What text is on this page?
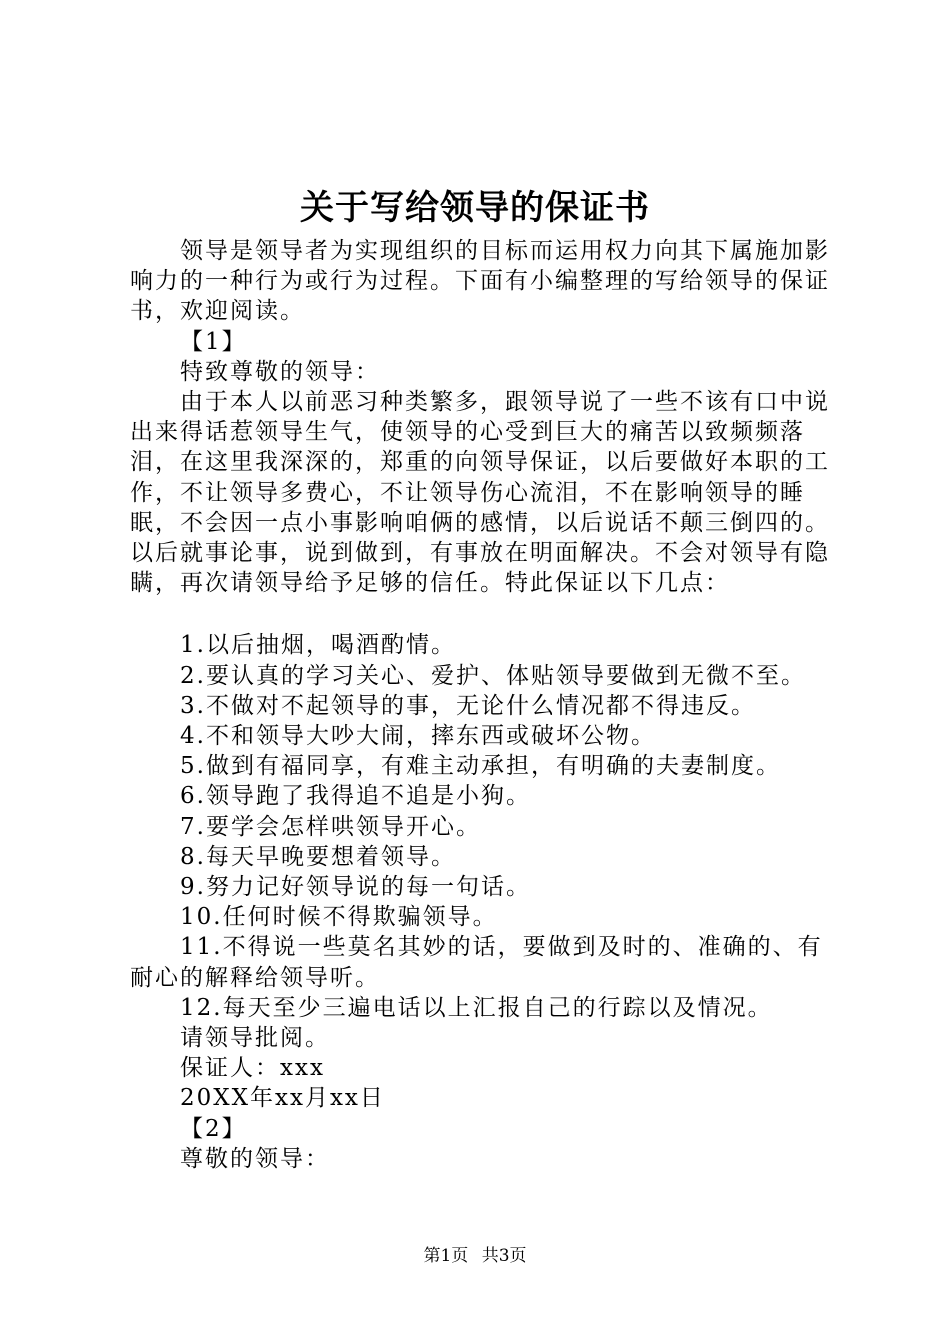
关于写给领导的保证书

领导是领导者为实现组织的目标而运用权力向其下属施加影响力的一种行为或行为过程。下面有小编整理的写给领导的保证书，欢迎阅读。

【1】

特致尊敬的领导：

由于本人以前恶习种类繁多，跟领导说了一些不该有口中说出来得话惹领导生气，使领导的心受到巨大的痛苦以致频频落泪，在这里我深深的，郑重的向领导保证，以后要做好本职的工作，不让领导多费心，不让领导伤心流泪，不在影响领导的睡眠，不会因一点小事影响咱俩的感情，以后说话不颠三倒四的。以后就事论事，说到做到，有事放在明面解决。不会对领导有隐瞒，再次请领导给予足够的信任。特此保证以下几点：

1.以后抽烟，喝酒酌情。

2.要认真的学习关心、爱护、体贴领导要做到无微不至。

3.不做对不起领导的事，无论什么情况都不得违反。

4.不和领导大吵大闹，摔东西或破坏公物。

5.做到有福同享，有难主动承担，有明确的夫妻制度。

6.领导跑了我得追不追是小狗。

7.要学会怎样哄领导开心。

8.每天早晚要想着领导。

9.努力记好领导说的每一句话。

10.任何时候不得欺骗领导。

11.不得说一些莫名其妙的话，要做到及时的、准确的、有耐心的解释给领导听。

12.每天至少三遍电话以上汇报自己的行踪以及情况。

请领导批阅。

保证人：xxx

20XX年xx月xx日

【2】

尊敬的领导：

第1页 共3页
